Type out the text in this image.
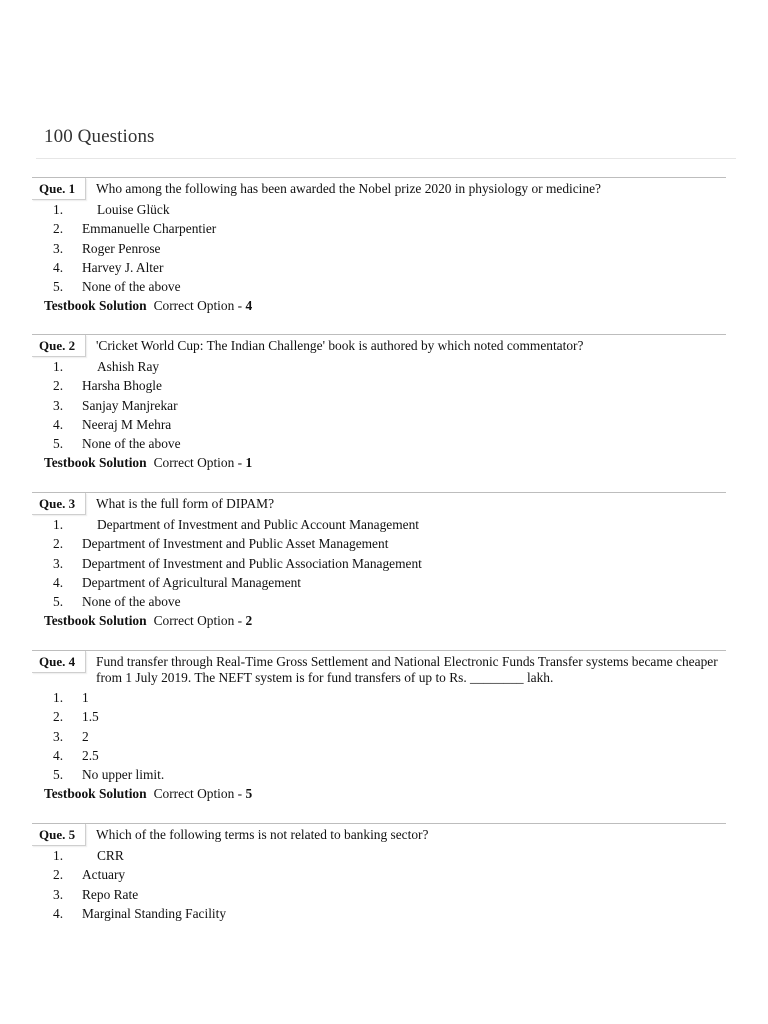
100 Questions
Que. 1	Who among the following has been awarded the Nobel prize 2020 in physiology or medicine?
1.	Louise Glück
2.	Emmanuelle Charpentier
3.	Roger Penrose
4.	Harvey J. Alter
5.	None of the above
Testbook Solution Correct Option - 4
Que. 2	'Cricket World Cup: The Indian Challenge' book is authored by which noted commentator?
1.	Ashish Ray
2.	Harsha Bhogle
3.	Sanjay Manjrekar
4.	Neeraj M Mehra
5.	None of the above
Testbook Solution Correct Option - 1
Que. 3	What is the full form of DIPAM?
1.	Department of Investment and Public Account Management
2.	Department of Investment and Public Asset Management
3.	Department of Investment and Public Association Management
4.	Department of Agricultural Management
5.	None of the above
Testbook Solution Correct Option - 2
Que. 4	Fund transfer through Real-Time Gross Settlement and National Electronic Funds Transfer systems became cheaper from 1 July 2019. The NEFT system is for fund transfers of up to Rs. ________ lakh.
1.	1
2.	1.5
3.	2
4.	2.5
5.	No upper limit.
Testbook Solution Correct Option - 5
Que. 5	Which of the following terms is not related to banking sector?
1.	CRR
2.	Actuary
3.	Repo Rate
4.	Marginal Standing Facility
